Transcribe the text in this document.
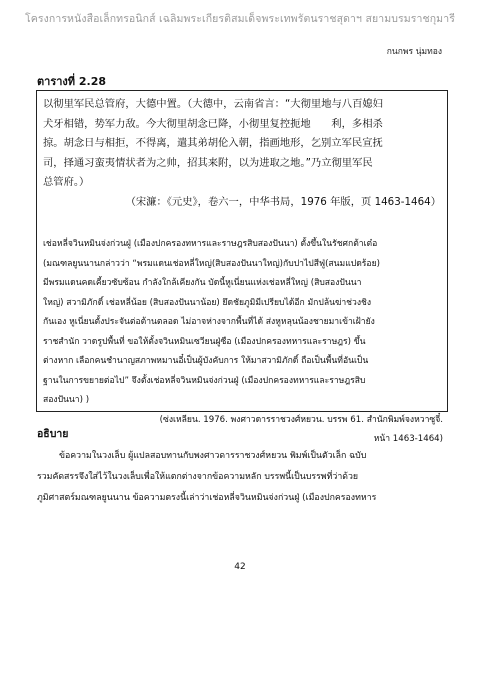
โครงการหนังสือเล็กทรอนิกส์ เฉลิมพระเกียรติสมเด็จพระเทพรัตนราชสุดาฯ สยามบรมราชกุมารี
กนกพร นุ่มทอง
ตารางที่ 2.28

以彻里军民总管府，大德中置。（大德中，云南省言：“大彻里地与八百媳妇

犬牙相错，势军力敌。今大彻里胡念已降，小彻里复控扼地　　利，多相杀

掠。胡念日与相拒，不得离，遣其弟胡伦入朝，指画地形，乞别立军民宣抚

司，择通习蛮夷情状者为之帅，招其来附，以为进取之地。”乃立彻里军民

总管府。）

（宋濂：《元史》，卷六一，中华书局，1976 年版，页 1463-1464）

เช่อหลี่จวินหมินจ่งก่วนฝู่ (เมืองปกครองทหารและราษฎรสิบสองปันนา) ตั้งขึ้นในรัชศกต้าเต๋อ

(มณฑลยูนนานกล่าวว่า “พรมแดนเช่อหลี่ใหญ่(สิบสองปันนาใหญ่)กับปาไปสีฟู่(สนมแปดร้อย)

มีพรมแดนคดเคี้ยวซับซ้อน กำลังใกล้เคียงกัน บัดนี้หูเนี่ยนแห่งเช่อหลี่ใหญ่ (สิบสองปันนา

ใหญ่) สวามิภักดิ์ เช่อหลี่น้อย (สิบสองปันนาน้อย) ยึดชัยภูมิมีเปรียบได้อีก มักปล้นฆ่าช่วงชิง

กันเอง หูเนี่ยนตั้งประจันต่อต้านตลอด ไม่อาจห่างจากพื้นที่ได้ ส่งหูหลุนน้องชายมาเข้าเฝ้ายัง

ราชสำนัก วาดรูปพื้นที่ ขอให้ตั้งจวินหมินเซวียนฝู่ซือ (เมืองปกครองทหารและราษฎร) ขึ้น

ต่างหาก เลือกคนชำนาญสภาพหมานอี๋เป็นผู้บังคับการ ให้มาสวามิภักดิ์ ถือเป็นพื้นที่อันเป็น

ฐานในการขยายต่อไป” จึงตั้งเช่อหลี่จวินหมินจ่งก่วนฝู่ (เมืองปกครองทหารและราษฎรสิบ

สองปันนา) )

(ซ่งเหลียน. 1976. พงศาวดารราชวงศ์หยวน. บรรพ 61. สำนักพิมพ์จงหวาซูจี๋.

หน้า 1463-1464)

อธิบาย

ข้อความในวงเล็บ ผู้แปลสอบทานกับพงศาวดารราชวงศ์หยวน พิมพ์เป็นตัวเล็ก ฉบับ

รวมคัดสรรจึงใส่ไว้ในวงเล็บเพื่อให้แตกต่างจากข้อความหลัก บรรพนี้เป็นบรรพที่ว่าด้วย

ภูมิศาสตร์มณฑลยูนนาน ข้อความตรงนี้เล่าว่าเช่อหลี่จวินหมินจ่งก่วนฝู่ (เมืองปกครองทหาร

42
